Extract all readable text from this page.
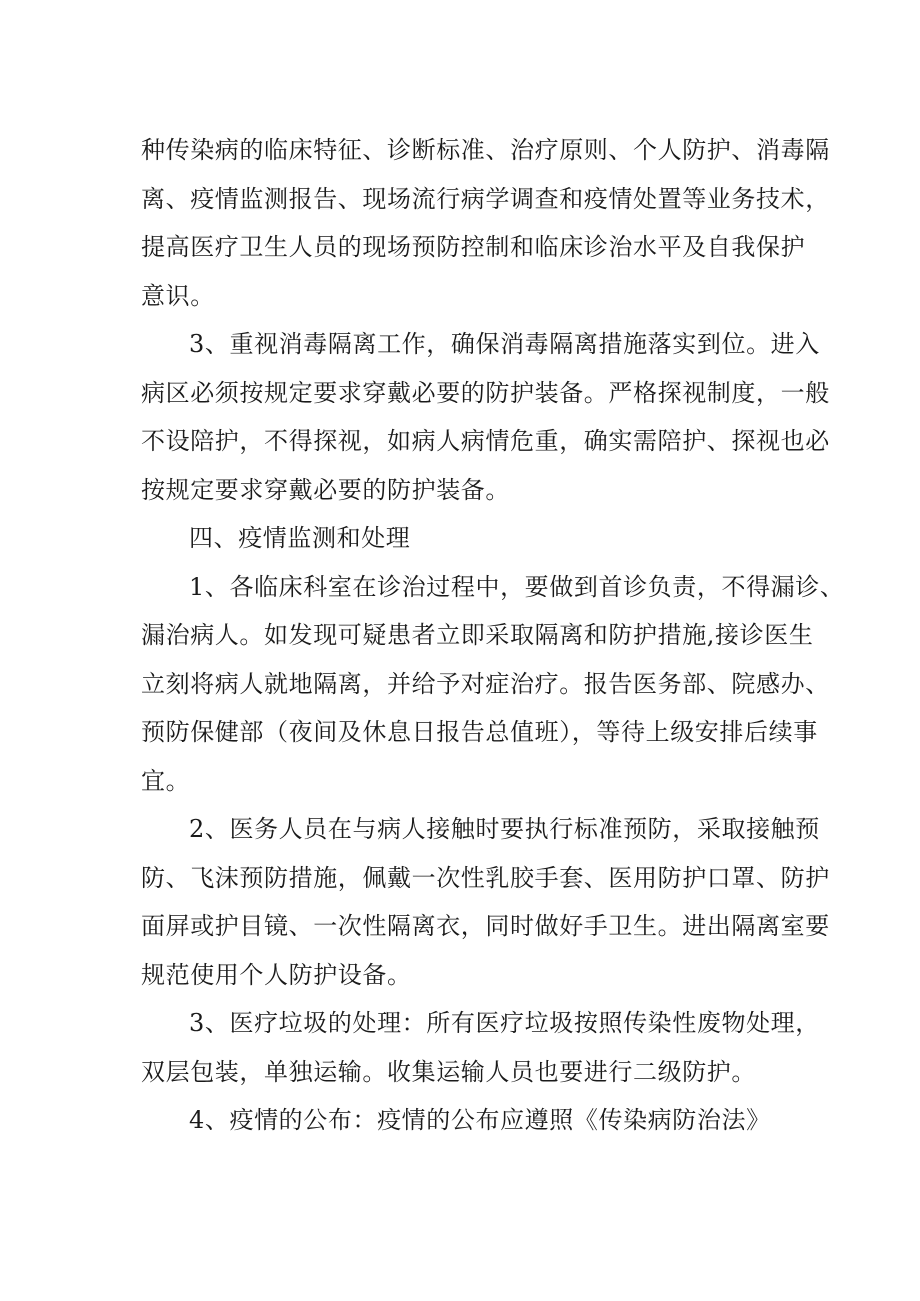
种传染病的临床特征、诊断标准、治疗原则、个人防护、消毒隔
离、疫情监测报告、现场流行病学调查和疫情处置等业务技术，
提高医疗卫生人员的现场预防控制和临床诊治水平及自我保护
意识。
3、重视消毒隔离工作，确保消毒隔离措施落实到位。进入
病区必须按规定要求穿戴必要的防护装备。严格探视制度，一般
不设陪护，不得探视，如病人病情危重，确实需陪护、探视也必
按规定要求穿戴必要的防护装备。
四、疫情监测和处理
1、各临床科室在诊治过程中，要做到首诊负责，不得漏诊、
漏治病人。如发现可疑患者立即采取隔离和防护措施,接诊医生
立刻将病人就地隔离，并给予对症治疗。报告医务部、院感办、
预防保健部（夜间及休息日报告总值班），等待上级安排后续事
宜。
2、医务人员在与病人接触时要执行标准预防，采取接触预
防、飞沫预防措施，佩戴一次性乳胶手套、医用防护口罩、防护
面屏或护目镜、一次性隔离衣，同时做好手卫生。进出隔离室要
规范使用个人防护设备。
3、医疗垃圾的处理：所有医疗垃圾按照传染性废物处理，
双层包装，单独运输。收集运输人员也要进行二级防护。
4、疫情的公布：疫情的公布应遵照《传染病防治法》
